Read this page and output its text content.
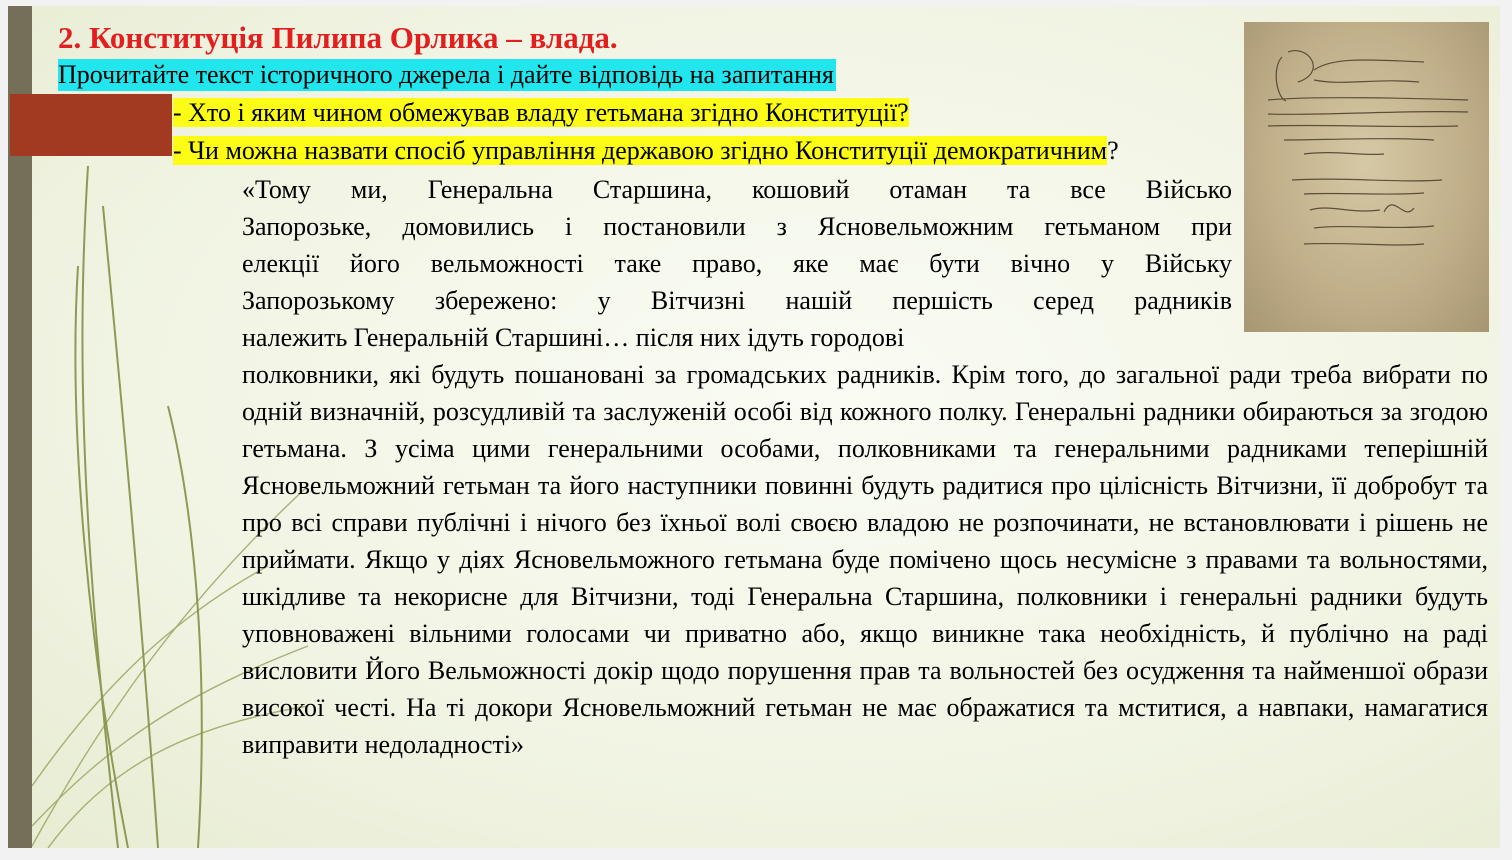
2. Конституція Пилипа Орлика – влада.
Прочитайте текст історичного джерела і дайте відповідь на запитання
- Хто і яким чином обмежував владу гетьмана згідно Конституції?
- Чи можна назвати спосіб управління державою згідно Конституції демократичним?
«Тому ми, Генеральна Старшина, кошовий отаман та все Військо
Запорозьке, домовились і постановили з Ясновельможним гетьманом при
елекції його вельможності таке право, яке має бути вічно у Війську
Запорозькому збережено: у Вітчизні нашій першість серед радників
належить Генеральній Старшині… після них ідуть городові
полковники, які будуть пошановані за громадських радників. Крім того, до загальної ради треба вибрати по одній визначній, розсудливій та заслуженій особі від кожного полку. Генеральні радники обираються за згодою гетьмана. З усіма цими генеральними особами, полковниками та генеральними радниками теперішній Ясновельможний гетьман та його наступники повинні будуть радитися про цілісність Вітчизни, її добробут та про всі справи публічні і нічого без їхньої волі своєю владою не розпочинати, не встановлювати і рішень не приймати. Якщо у діях Ясновельможного гетьмана буде помічено щось несумісне з правами та вольностями, шкідливе та некорисне для Вітчизни, тоді Генеральна Старшина, полковники і генеральні радники будуть уповноважені вільними голосами чи приватно або, якщо виникне така необхідність, й публічно на раді висловити Його Вельможності докір щодо порушення прав та вольностей без осудження та найменшої образи високої честі. На ті докори Ясновельможний гетьман не має ображатися та мститися, а навпаки, намагатися виправити недоладності»
